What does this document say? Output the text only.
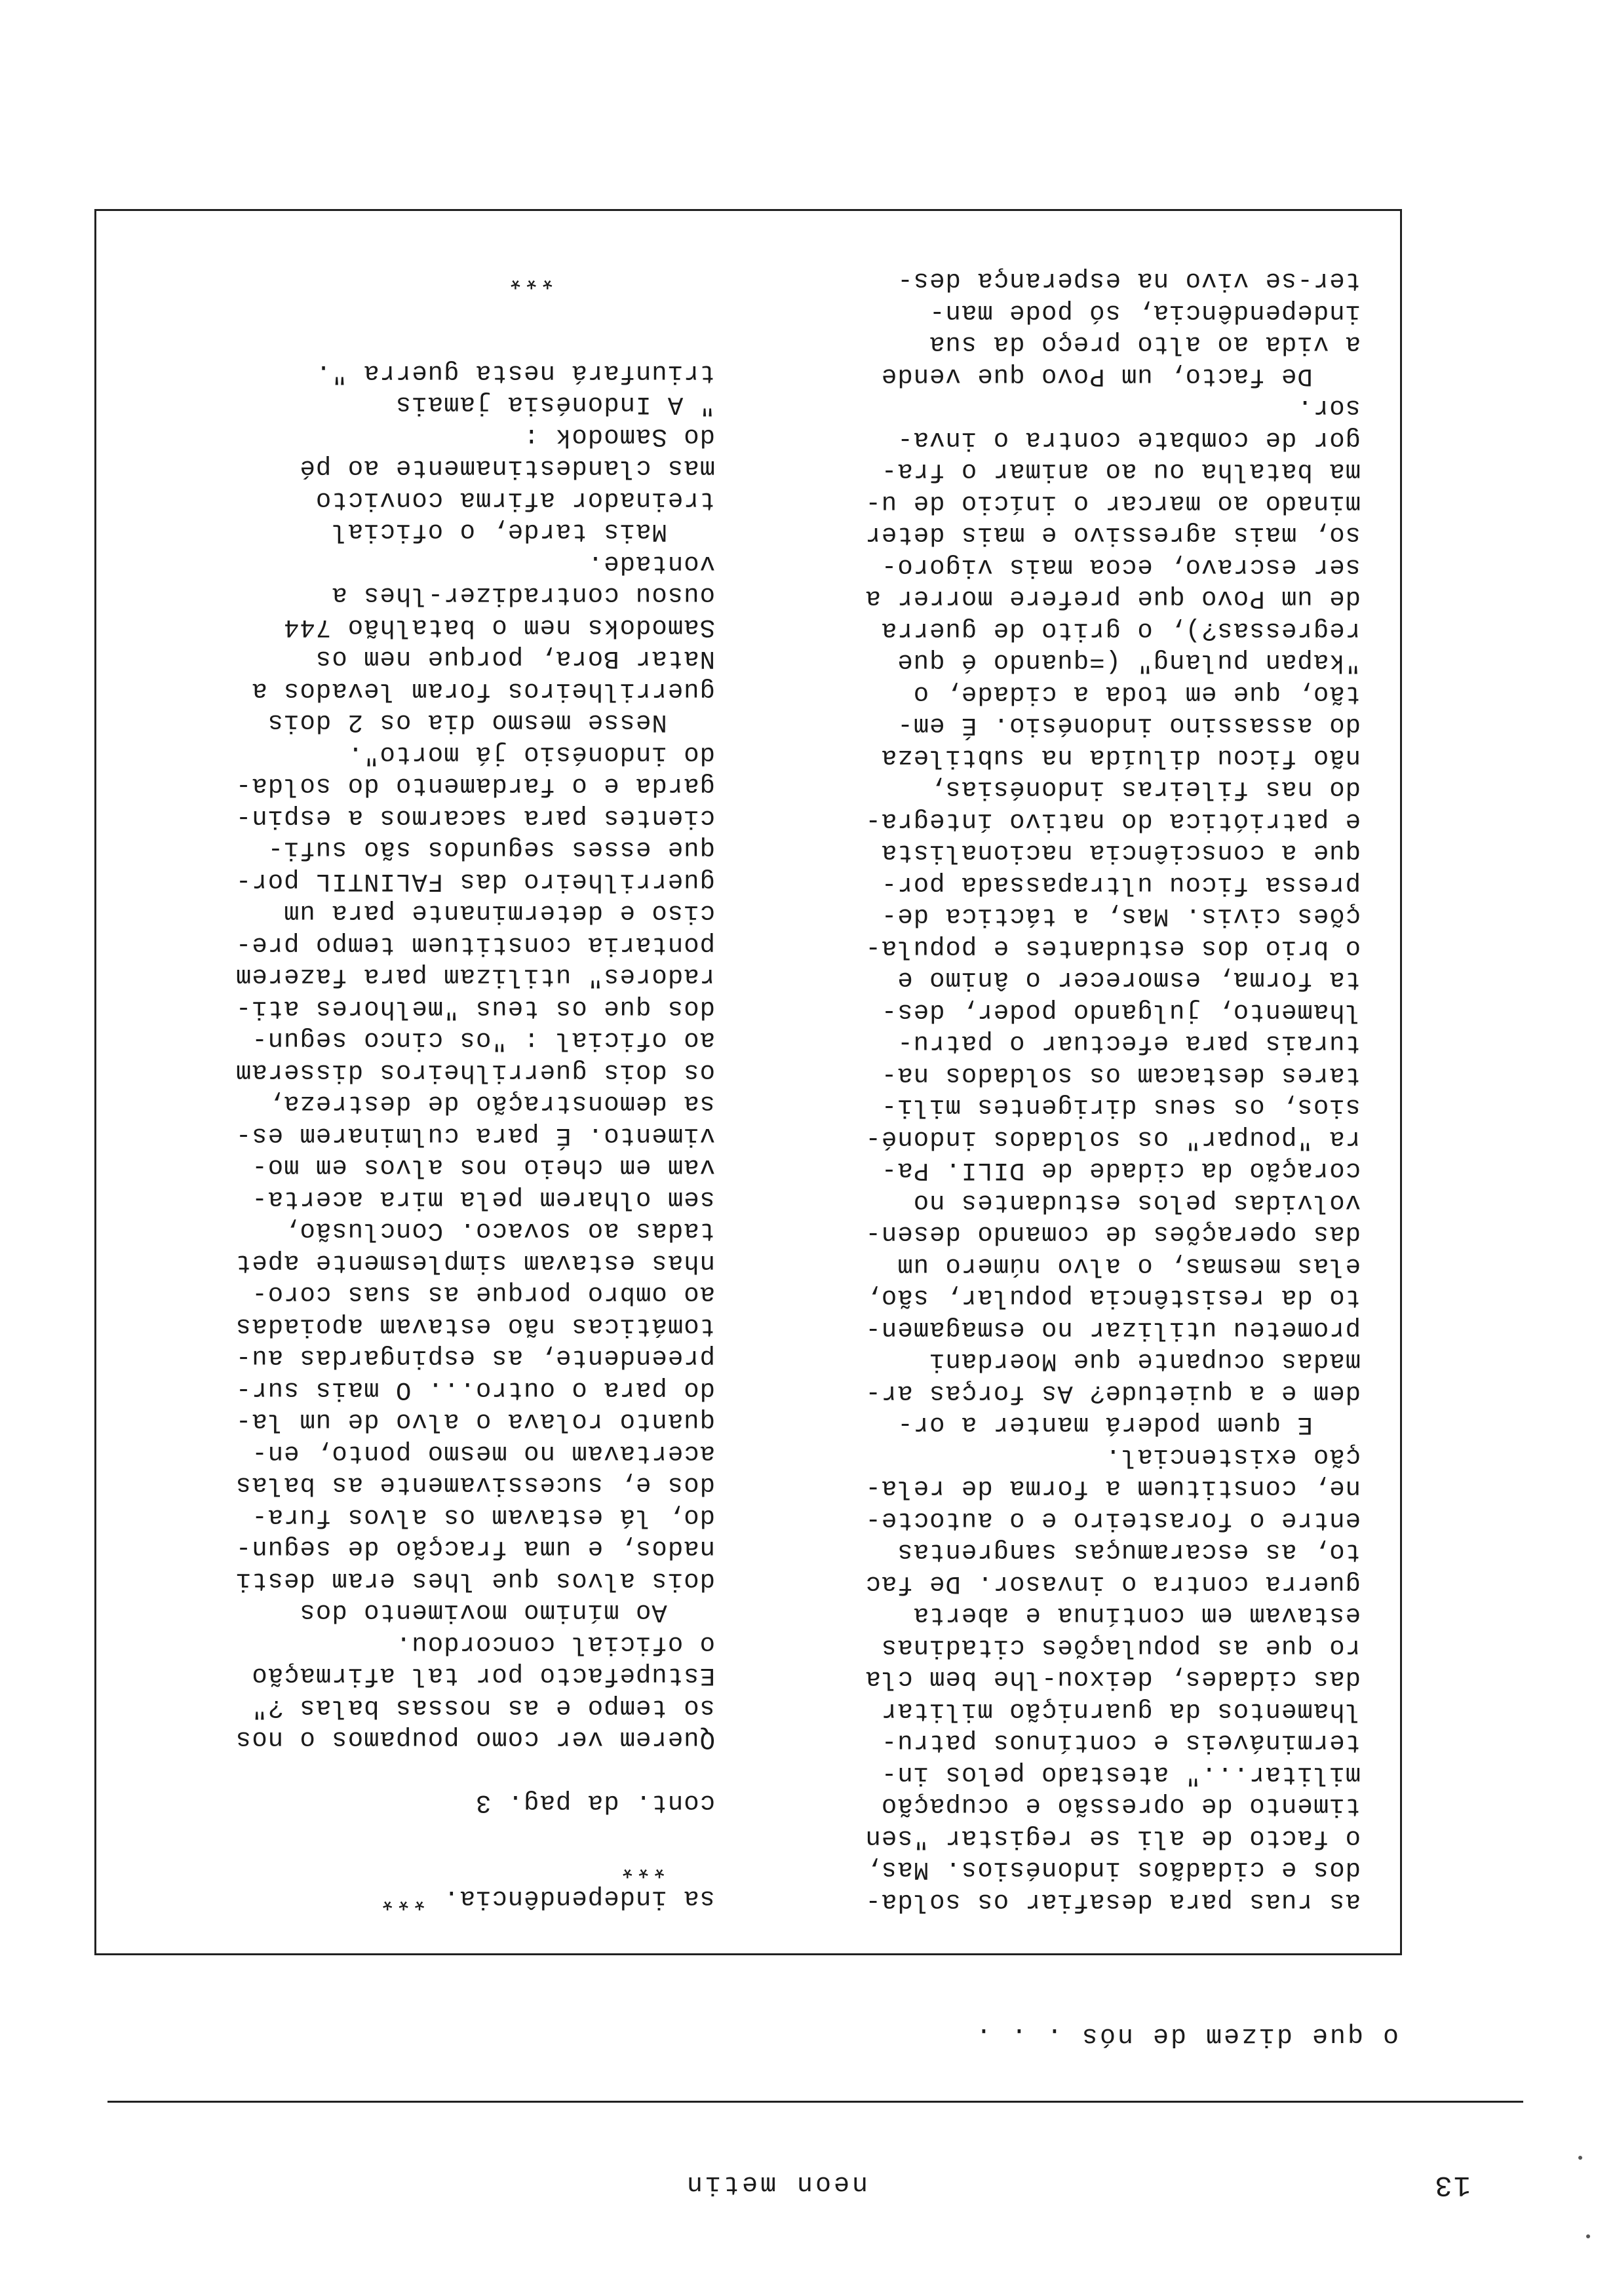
13
neon metin
o que dizem de nós . . .
as ruas para desafiar os solda-
dos e cidadãos indonésios. Mas,
o facto de ali se registar "sen
timento de opressão e ocupação
militar..." atestado pelos in-
termináveis e contínuos patru-
lhamentos da guarnição militar
das cidades, deixou-lhe bem cla
ro que as populações citadinas
estavam em contínua e aberta
guerra contra o invasor. De fac
to, as escaramuças sangrentas
entre o forasteiro e o autocte-
ne, constituem a forma de rela-
ção existencial.
E quem poderá manter a or-
dem e a quietude? As forças ar-
madas ocupante que Moerdani
prometeu utilizar no esmagamen-
to da resistência popular, são,
elas mesmas, o alvo número um
das operações de comando desen-
volvidas pelos estudantes no
coração da cidade de DILI. Pa-
ra "poupar" os soldados indoné-
sios, os seus dirigentes mili-
tares destacam os soldados na-
turais para efectuar o patru-
lhamento, julgando poder, des-
ta forma, esmorecer o ânimo e
o brio dos estudantes e popula-
ções civis. Mas, a táctica de-
pressa ficou ultrapassada por-
que a consciência nacionalista
e patriótica do nativo íntegra-
do nas fileiras indonésias,
não ficou diluída na subtileza
do assassino indonésio. É em-
tão, que em toda a cidade, o
"kapan pulang" (=quando é que
regressas?), o grito de guerra
de um Povo que prefere morrer a
ser escravo, ecoa mais vigoro-
so, mais agressivo e mais deter
minado ao marcar o início de u-
ma batalha ou ao animar o fra-
gor de combate contra o inva-
sor.
De facto, um Povo que vende
a vida ao alto preço da sua
independência, só pode man-
ter-se vivo na esperança des-
sa independência. ***
***
cont. da pag. 3
Querem ver como poupamos o nos
so tempo e as nossas balas ?"
Estupefacto por tal afirmação
o oficial concordou.
Ao mínimo movimento dos
dois alvos que lhes eram desti
nados, e uma fracção de segun-
do, lá estavam os alvos fura-
dos e, sucessivamente as balas
acertavam no mesmo ponto, en-
quanto rolava o alvo de um la-
do para o outro... O mais sur-
preendente, as espingardas au-
tomáticas não estavam apoiadas
ao ombro porque as suas coro-
nhas estavam simplesmente apet
tadas ao sovaco. Conclusão,
sem olharem pela mira acerta-
vam em cheio nos alvos em mo-
vimento. É para culminarem es-
sa demonstração de destreza,
os dois guerrilheiros disseram
ao oficial : "os cinco segun-
dos que os teus "melhores ati-
radores" utilizam para fazerem
pontaria constituem tempo pre-
ciso e determinante para um
guerrilheiro das FALINTIL por-
que esses segundos são sufi-
cientes para sacarmos a espin-
garda e o fardamento do solda-
do indonésio já morto".
Nesse mesmo dia os 2 dois
guerrilheiros foram levados a
Natar Bora, porque nem os
Samodoks nem o batalhão 744
ousou contradizer-lhes a
vontade.
Mais tarde, o oficial
treinador afirma convicto
mas clandestinamente ao pé
do Samodok :
" A Indonésia jamais
triunfará nesta guerra ".
***
